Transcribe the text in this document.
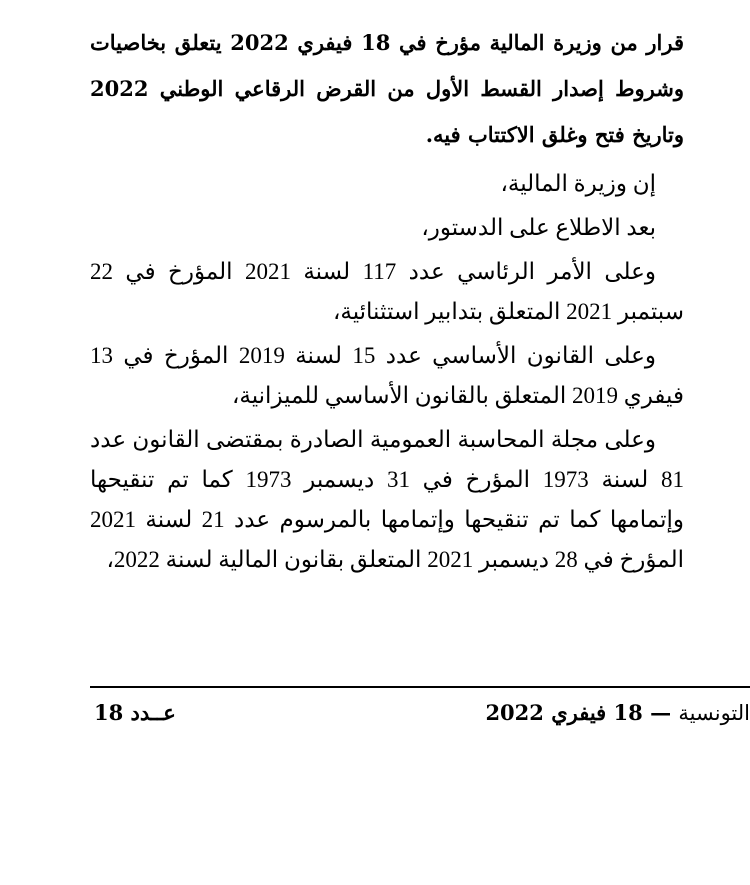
قرار من وزيرة المالية مؤرخ في 18 فيفري 2022 يتعلق بخاصيات وشروط إصدار القسط الأول من القرض الرقاعي الوطني 2022 وتاريخ فتح وغلق الاكتتاب فيه.

إن وزيرة المالية،

بعد الاطلاع على الدستور،

وعلى الأمر الرئاسي عدد 117 لسنة 2021 المؤرخ في 22 سبتمبر 2021 المتعلق بتدابير استثنائية،

وعلى القانون الأساسي عدد 15 لسنة 2019 المؤرخ في 13 فيفري 2019 المتعلق بالقانون الأساسي للميزانية،

وعلى مجلة المحاسبة العمومية الصادرة بمقتضى القانون عدد 81 لسنة 1973 المؤرخ في 31 ديسمبر 1973 كما تم تنقيحها وإتمامها كما تم تنقيحها وإتمامها بالمرسوم عدد 21 لسنة 2021 المؤرخ في 28 ديسمبر 2021 المتعلق بقانون المالية لسنة 2022،

التونسية — 18 فيفري 2022
عــدد 18
